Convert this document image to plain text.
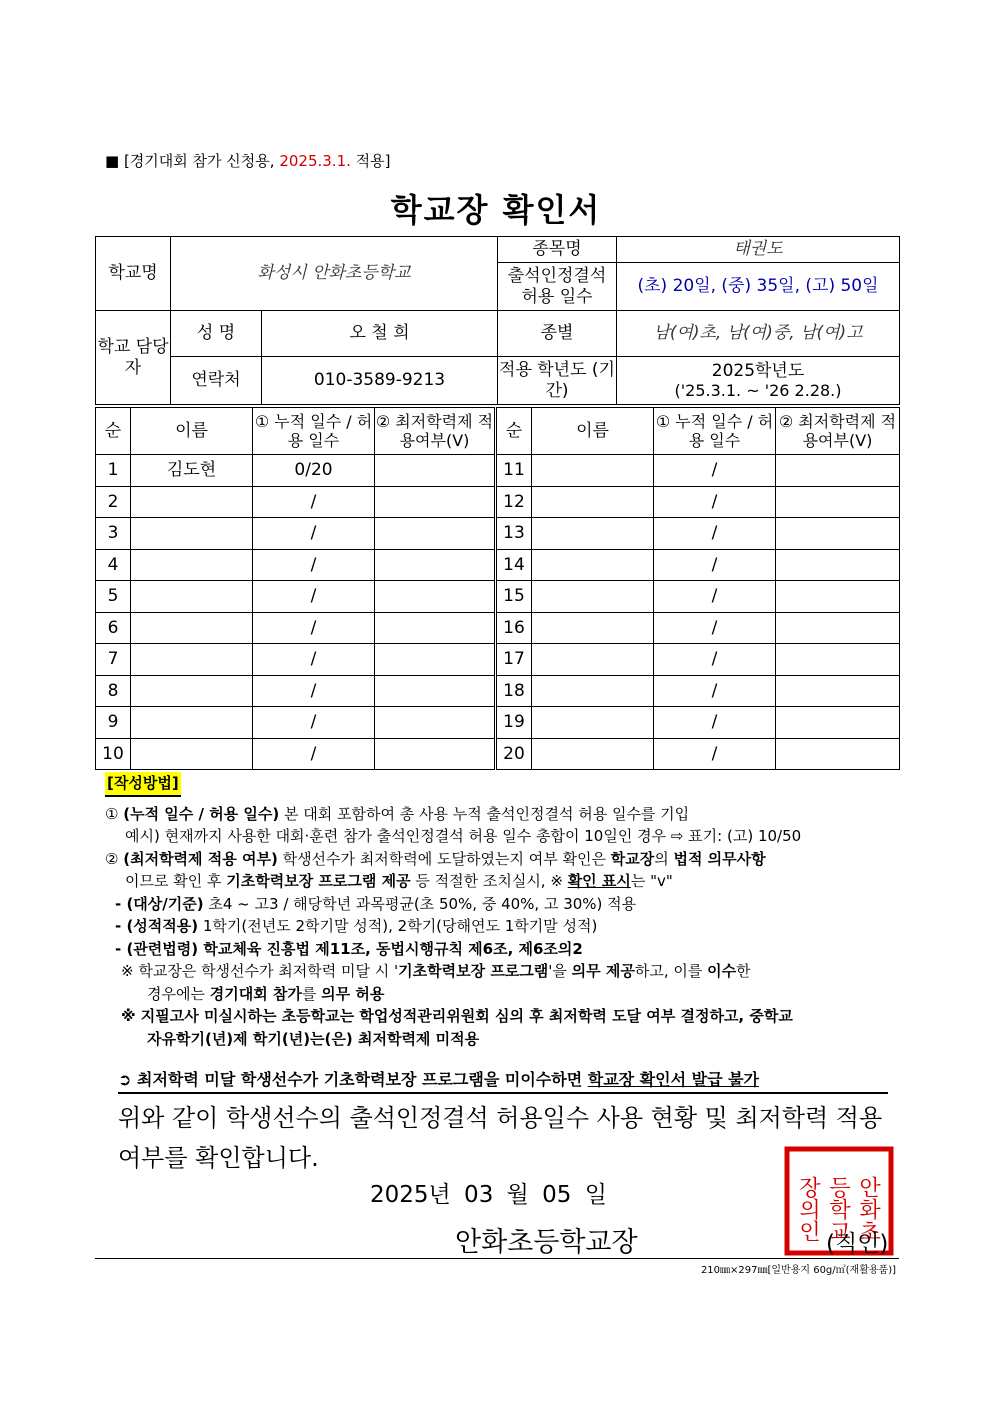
■ [경기대회 참가 신청용, 2025.3.1. 적용]
학교장 확인서
학교명	화성시 안화초등학교		종목명	태권도
			출석인정결석 허용 일수	(초) 20일, (중) 35일, (고) 50일
학교 담당자	성 명	오 철 희	종별	남(여)초, 남(여)중, 남(여)고
	연락처	010-3589-9213	적용 학년도 (기간)	2025학년도
('25.3.1. ~ '26 2.28.)
순	이름	① 누적 일수 / 허용 일수	② 최저학력제 적용여부(V)	순	이름	① 누적 일수 / 허용 일수	② 최저학력제 적용여부(V)
1	김도현	0/20		11		/	
2		/		12		/	
3		/		13		/	
4		/		14		/	
5		/		15		/	
6		/		16		/	
7		/		17		/	
8		/		18		/	
9		/		19		/	
10		/		20		/	

[작성방법]

① (누적 일수 / 허용 일수) 본 대회 포함하여 총 사용 누적 출석인정결석 허용 일수를 기입

예시) 현재까지 사용한 대회·훈련 참가 출석인정결석 허용 일수 총합이 10일인 경우 ⇨ 표기: (고) 10/50

② (최저학력제 적용 여부) 학생선수가 최저학력에 도달하였는지 여부 확인은 학교장의 법적 의무사항

이므로 확인 후 기초학력보장 프로그램 제공 등 적절한 조치실시, ※ 확인 표시는 "v"

- (대상/기준) 초4 ~ 고3 / 해당학년 과목평균(초 50%, 중 40%, 고 30%) 적용

- (성적적용) 1학기(전년도 2학기말 성적), 2학기(당해연도 1학기말 성적)

- (관련법령) 학교체육 진흥법 제11조, 동법시행규칙 제6조, 제6조의2

※ 학교장은 학생선수가 최저학력 미달 시 '기초학력보장 프로그램'을 의무 제공하고, 이를 이수한

경우에는 경기대회 참가를 의무 허용

※ 지필고사 미실시하는 초등학교는 학업성적관리위원회 심의 후 최저학력 도달 여부 결정하고, 중학교

자유학기(년)제 학기(년)는(은) 최저학력제 미적용

➲ 최저학력 미달 학생선수가 기초학력보장 프로그램을 미이수하면 학교장 확인서 발급 불가
위와 같이 학생선수의 출석인정결석 허용일수 사용 현황 및 최저학력 적용 여부를 확인합니다.
2025년 03 월 05 일	장의인 등학교 안화초
안화초등학교장	(직인)
210㎜×297㎜[일반용지 60g/㎡(재활용품)]
